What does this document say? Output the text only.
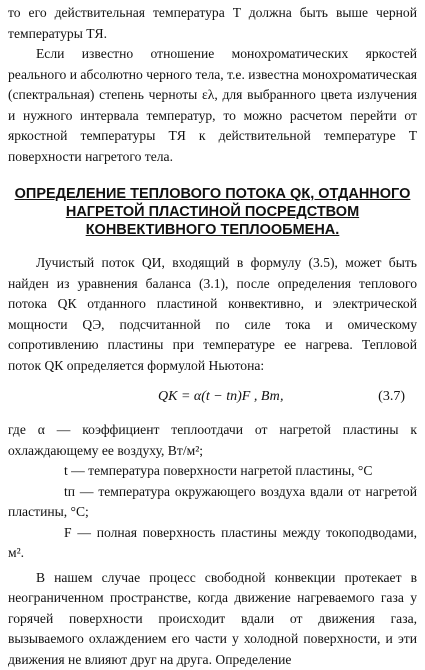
то его действительная температура T должна быть выше черной температуры TЯ.

Если известно отношение монохроматических яркостей реального и абсолютно черного тела, т.е. известна монохроматическая (спектральная) степень черноты ελ, для выбранного цвета излучения и нужного интервала температур, то можно расчетом перейти от яркостной температуры TЯ к действительной температуре T поверхности нагретого тела.

ОПРЕДЕЛЕНИЕ ТЕПЛОВОГО ПОТОКА QК, ОТДАННОГО
НАГРЕТОЙ ПЛАСТИНОЙ ПОСРЕДСТВОМ
КОНВЕКТИВНОГО ТЕПЛООБМЕНА.

Лучистый поток QИ, входящий в формулу (3.5), может быть найден из уравнения баланса (3.1), после определения теплового потока QК отданного пластиной конвективно, и электрической мощности QЭ, подсчитанной по силе тока и омическому сопротивлению пластины при температуре ее нагрева. Тепловой поток QК определяется формулой Ньютона:

QK = α(t − tп)F , Вт,	(3.7)

где α — коэффициент теплоотдачи от нагретой пластины к охлаждающему ее воздуху, Вт/м²;

t — температура поверхности нагретой пластины, °С

tп — температура окружающего воздуха вдали от нагретой пластины, °С;

F — полная поверхность пластины между токоподводами, м².

В нашем случае процесс свободной конвекции протекает в неограниченном пространстве, когда движение нагреваемого газа у горячей поверхности происходит вдали от движения газа, вызываемого охлаждением его части у холодной поверхности, и эти движения не влияют друг на друга. Определение
